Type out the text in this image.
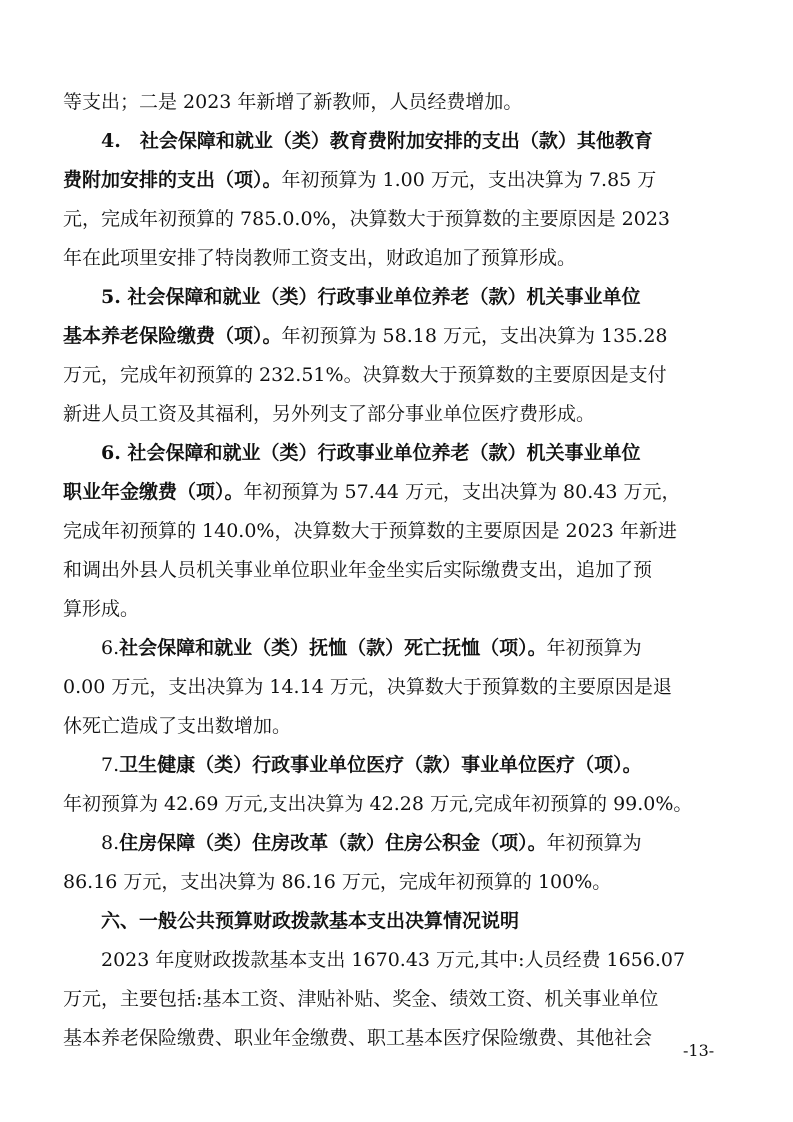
等支出；二是 2023 年新增了新教师，人员经费增加。
4.　社会保障和就业（类）教育费附加安排的支出（款）其他教育
费附加安排的支出（项）。年初预算为 1.00 万元，支出决算为 7.85 万
元，完成年初预算的 785.0.0%，决算数大于预算数的主要原因是 2023
年在此项里安排了特岗教师工资支出，财政追加了预算形成。
5. 社会保障和就业（类）行政事业单位养老（款）机关事业单位
基本养老保险缴费（项）。年初预算为 58.18 万元，支出决算为 135.28
万元，完成年初预算的 232.51%。决算数大于预算数的主要原因是支付
新进人员工资及其福利，另外列支了部分事业单位医疗费形成。
6. 社会保障和就业（类）行政事业单位养老（款）机关事业单位
职业年金缴费（项）。年初预算为 57.44 万元，支出决算为 80.43 万元，
完成年初预算的 140.0%，决算数大于预算数的主要原因是 2023 年新进
和调出外县人员机关事业单位职业年金坐实后实际缴费支出，追加了预
算形成。
6.社会保障和就业（类）抚恤（款）死亡抚恤（项）。年初预算为
0.00 万元，支出决算为 14.14 万元，决算数大于预算数的主要原因是退
休死亡造成了支出数增加。
7.卫生健康（类）行政事业单位医疗（款）事业单位医疗（项）。
年初预算为 42.69 万元,支出决算为 42.28 万元,完成年初预算的 99.0%。
8.住房保障（类）住房改革（款）住房公积金（项）。年初预算为
86.16 万元，支出决算为 86.16 万元，完成年初预算的 100%。
六、一般公共预算财政拨款基本支出决算情况说明
2023 年度财政拨款基本支出 1670.43 万元,其中:人员经费 1656.07
万元，主要包括:基本工资、津贴补贴、奖金、绩效工资、机关事业单位
基本养老保险缴费、职业年金缴费、职工基本医疗保险缴费、其他社会
-13-
